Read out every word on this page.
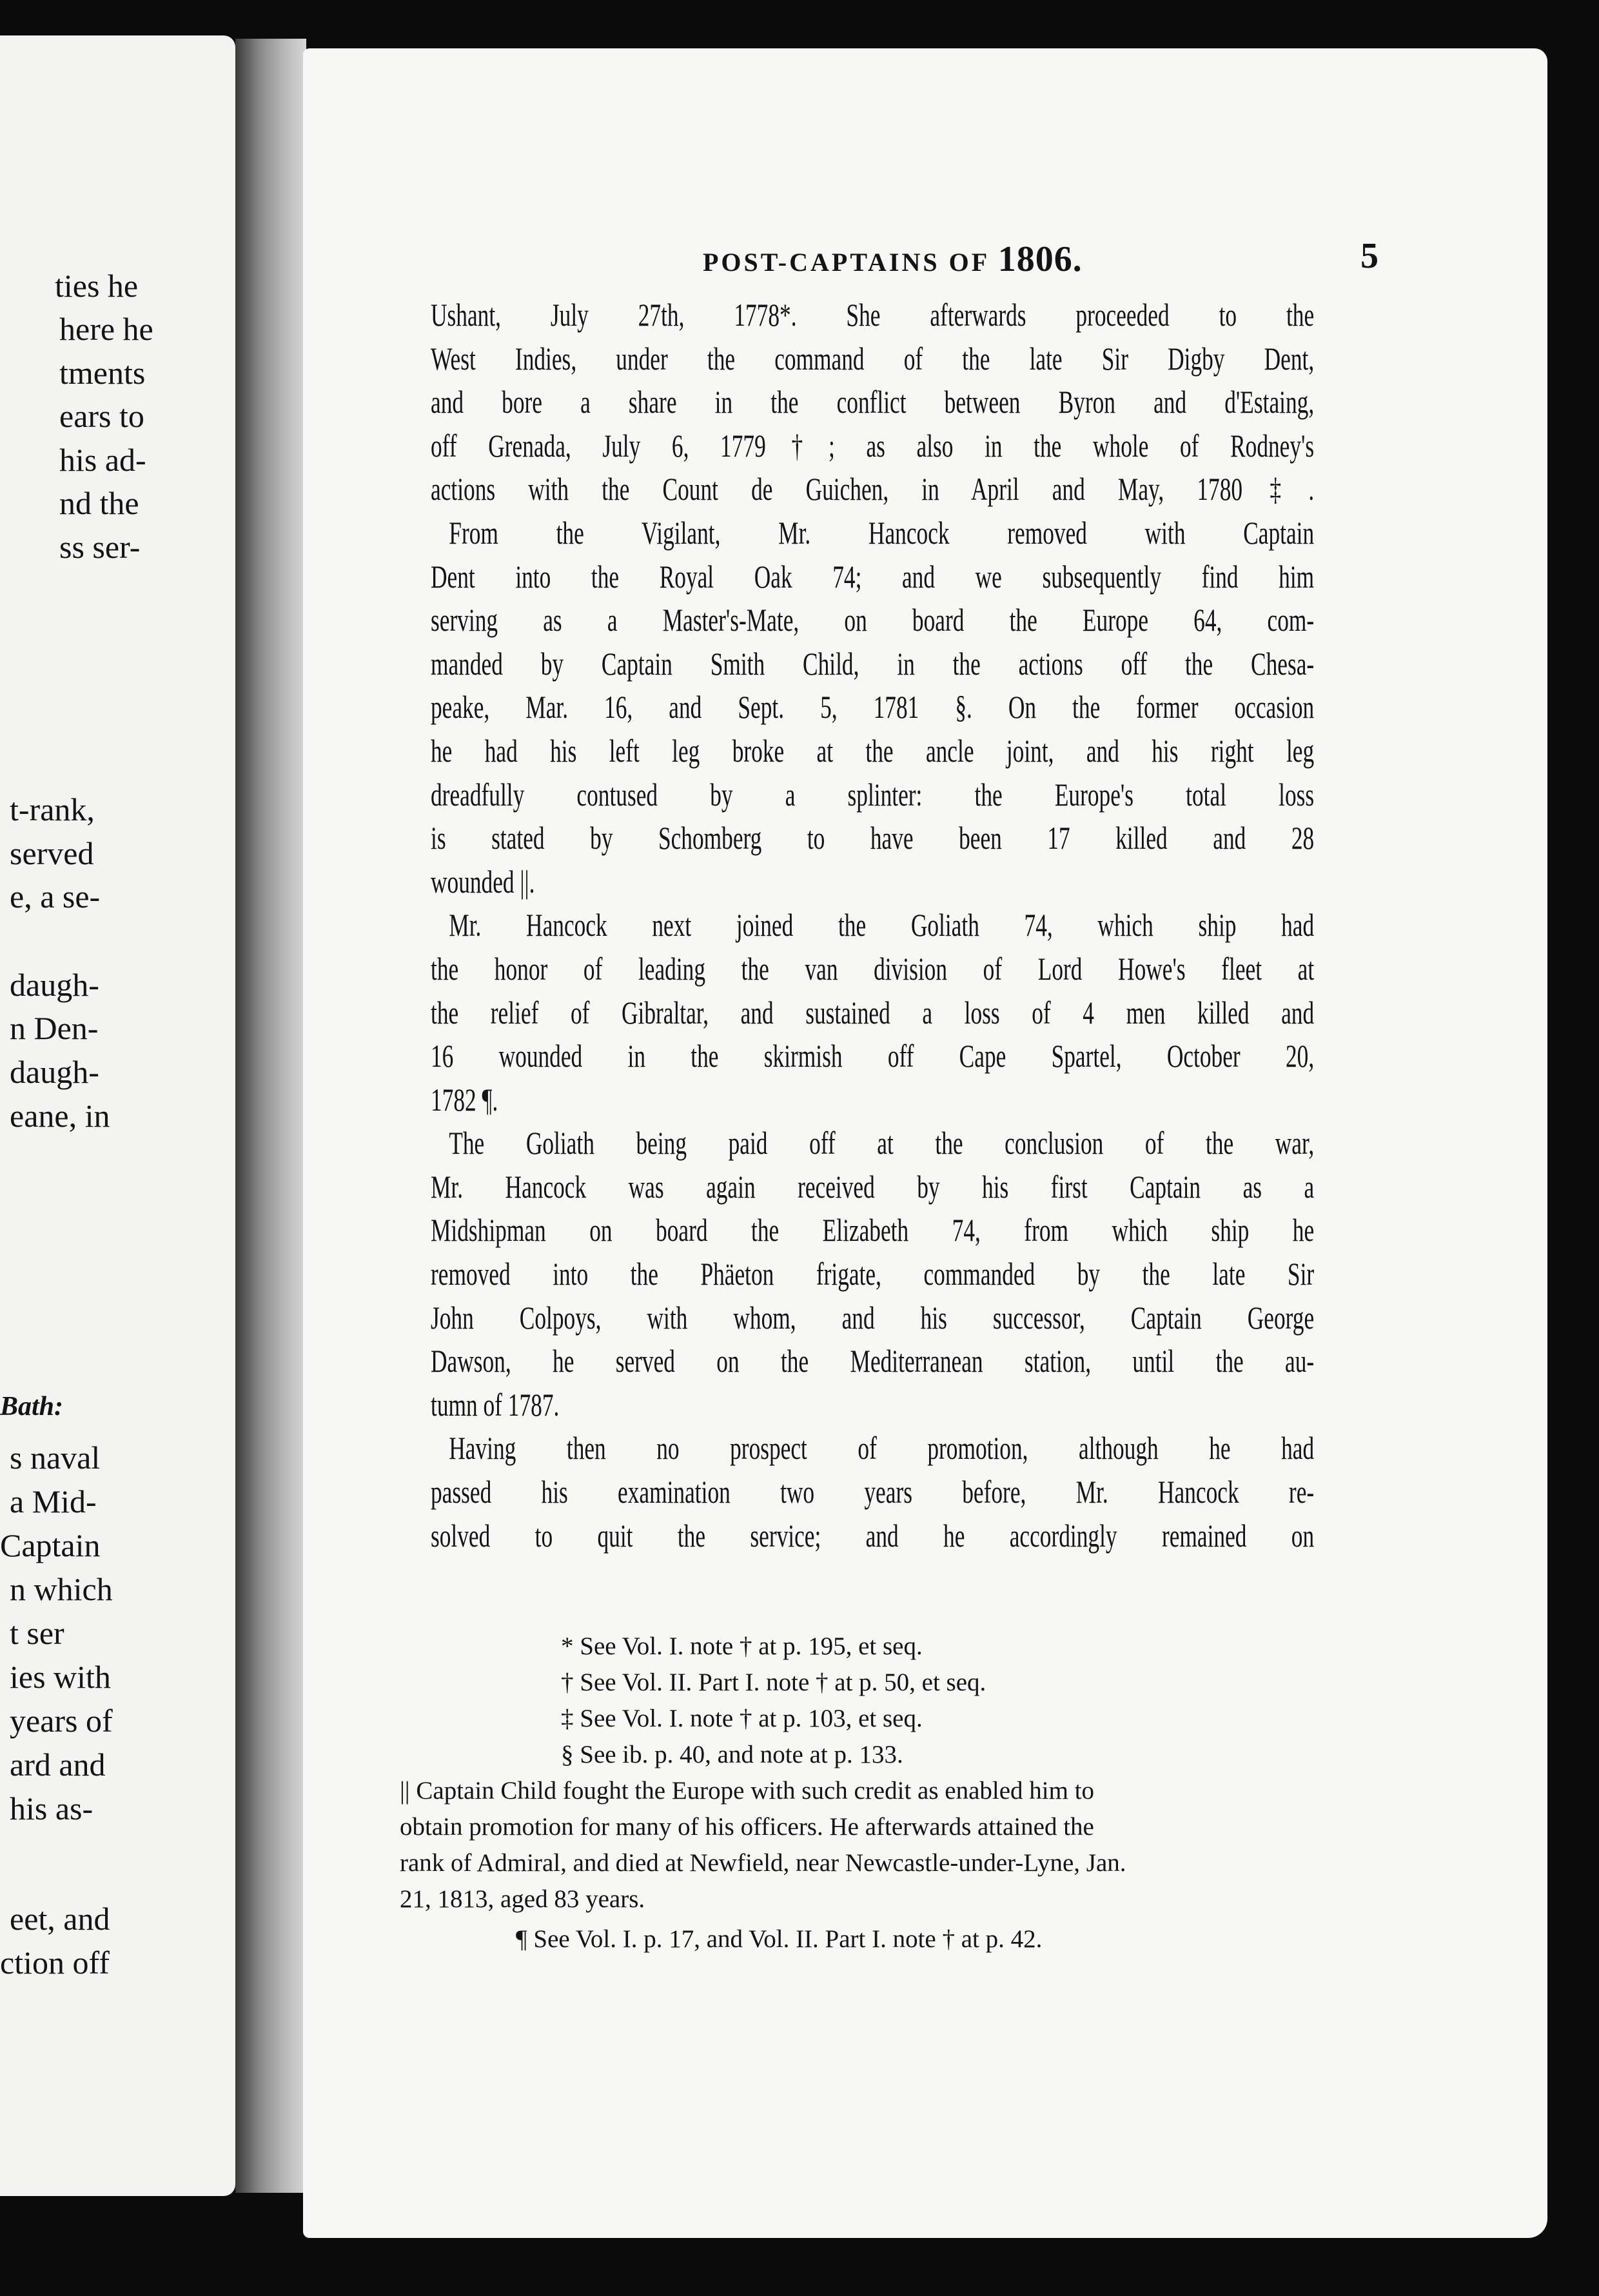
ties he
here he
tments
ears to
his ad-
nd the
ss ser-
t-rank,
served
e, a se-
daugh-
n Den-
daugh-
eane, in
Bath:
s naval
a Mid-
Captain
n which
t ser
ies with
years of
ard and
his as-
eet, and
ction off
POST-CAPTAINS OF 1806.	5
Ushant, July 27th, 1778*. She afterwards proceeded to the
West Indies, under the command of the late Sir Digby Dent,
and bore a share in the conflict between Byron and d'Estaing,
off Grenada, July 6, 1779†; as also in the whole of Rodney's
actions with the Count de Guichen, in April and May, 1780‡.
From the Vigilant, Mr. Hancock removed with Captain
Dent into the Royal Oak 74; and we subsequently find him
serving as a Master's-Mate, on board the Europe 64, com-
manded by Captain Smith Child, in the actions off the Chesa-
peake, Mar. 16, and Sept. 5, 1781 §. On the former occasion
he had his left leg broke at the ancle joint, and his right leg
dreadfully contused by a splinter: the Europe's total loss
is stated by Schomberg to have been 17 killed and 28
wounded ||.
Mr. Hancock next joined the Goliath 74, which ship had
the honor of leading the van division of Lord Howe's fleet at
the relief of Gibraltar, and sustained a loss of 4 men killed and
16 wounded in the skirmish off Cape Spartel, October 20,
1782 ¶.
The Goliath being paid off at the conclusion of the war,
Mr. Hancock was again received by his first Captain as a
Midshipman on board the Elizabeth 74, from which ship he
removed into the Phäeton frigate, commanded by the late Sir
John Colpoys, with whom, and his successor, Captain George
Dawson, he served on the Mediterranean station, until the au-
tumn of 1787.
Having then no prospect of promotion, although he had
passed his examination two years before, Mr. Hancock re-
solved to quit the service; and he accordingly remained on
* See Vol. I. note † at p. 195, et seq.
† See Vol. II. Part I. note † at p. 50, et seq.
‡ See Vol. I. note † at p. 103, et seq.
§ See ib. p. 40, and note at p. 133.
|| Captain Child fought the Europe with such credit as enabled him to
obtain promotion for many of his officers. He afterwards attained the
rank of Admiral, and died at Newfield, near Newcastle-under-Lyne, Jan.
21, 1813, aged 83 years.
¶ See Vol. I. p. 17, and Vol. II. Part I. note † at p. 42.
